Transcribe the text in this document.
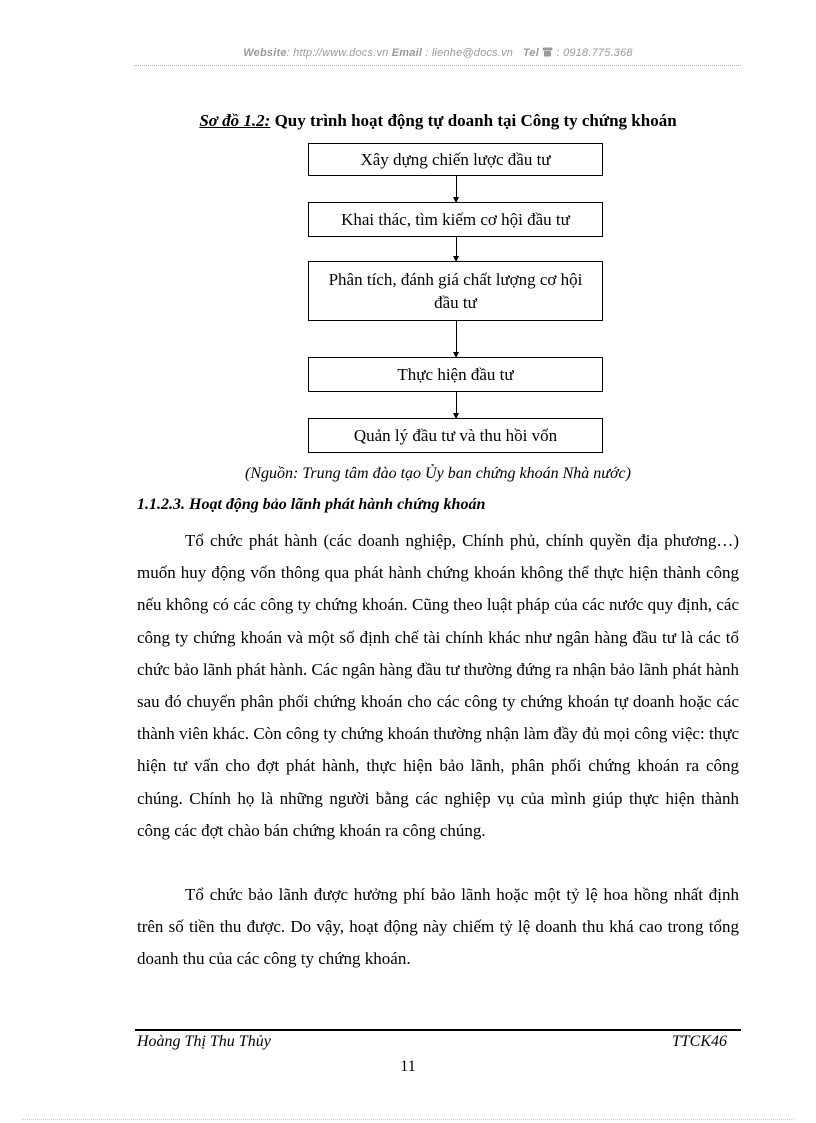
Website: http://www.docs.vn Email : lienhe@docs.vn Tel : 0918.775.368
Sơ đồ 1.2: Quy trình hoạt động tự doanh tại Công ty chứng khoán
Xây dựng chiến lược đầu tư
Khai thác, tìm kiếm cơ hội đầu tư
Phân tích, đánh giá chất lượng cơ hội đầu tư
Thực hiện đầu tư
Quản lý đầu tư và thu hồi vốn
(Nguồn: Trung tâm đào tạo Ủy ban chứng khoán Nhà nước)
1.1.2.3. Hoạt động bảo lãnh phát hành chứng khoán

Tổ chức phát hành (các doanh nghiệp, Chính phủ, chính quyền địa phương…) muốn huy động vốn thông qua phát hành chứng khoán không thể thực hiện thành công nếu không có các công ty chứng khoán. Cũng theo luật pháp của các nước quy định, các công ty chứng khoán và một số định chế tài chính khác như ngân hàng đầu tư là các tổ chức bảo lãnh phát hành. Các ngân hàng đầu tư thường đứng ra nhận bảo lãnh phát hành sau đó chuyển phân phối chứng khoán cho các công ty chứng khoán tự doanh hoặc các thành viên khác. Còn công ty chứng khoán thường nhận làm đầy đủ mọi công việc: thực hiện tư vấn cho đợt phát hành, thực hiện bảo lãnh, phân phối chứng khoán ra công chúng. Chính họ là những người bằng các nghiệp vụ của mình giúp thực hiện thành công các đợt chào bán chứng khoán ra công chúng.

Tổ chức bảo lãnh được hưởng phí bảo lãnh hoặc một tỷ lệ hoa hồng nhất định trên số tiền thu được. Do vậy, hoạt động này chiếm tỷ lệ doanh thu khá cao trong tổng doanh thu của các công ty chứng khoán.

Hoàng Thị Thu Thủy	TTCK46
11
